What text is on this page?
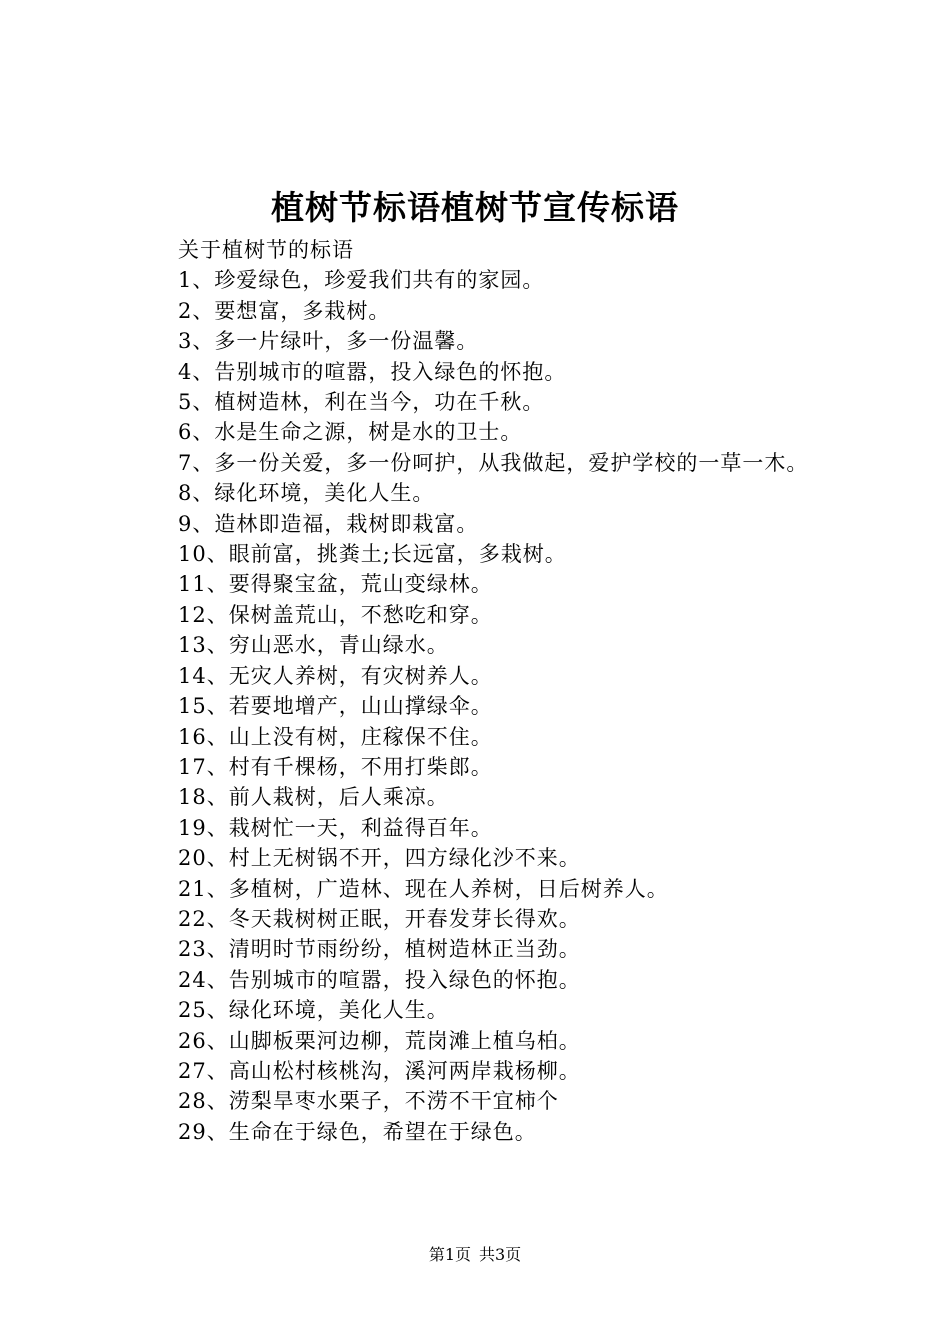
植树节标语植树节宣传标语

关于植树节的标语

1、珍爱绿色，珍爱我们共有的家园。

2、要想富，多栽树。

3、多一片绿叶，多一份温馨。

4、告别城市的喧嚣，投入绿色的怀抱。

5、植树造林，利在当今，功在千秋。

6、水是生命之源，树是水的卫士。

7、多一份关爱，多一份呵护，从我做起，爱护学校的一草一木。

8、绿化环境，美化人生。

9、造林即造福，栽树即栽富。

10、眼前富，挑粪土;长远富，多栽树。

11、要得聚宝盆，荒山变绿林。

12、保树盖荒山，不愁吃和穿。

13、穷山恶水，青山绿水。

14、无灾人养树，有灾树养人。

15、若要地增产，山山撑绿伞。

16、山上没有树，庄稼保不住。

17、村有千棵杨，不用打柴郎。

18、前人栽树，后人乘凉。

19、栽树忙一天，利益得百年。

20、村上无树锅不开，四方绿化沙不来。

21、多植树，广造林、现在人养树，日后树养人。

22、冬天栽树树正眠，开春发芽长得欢。

23、清明时节雨纷纷，植树造林正当劲。

24、告别城市的喧嚣，投入绿色的怀抱。

25、绿化环境，美化人生。

26、山脚板栗河边柳，荒岗滩上植乌柏。

27、高山松村核桃沟，溪河两岸栽杨柳。

28、涝梨旱枣水栗子，不涝不干宜柿个

29、生命在于绿色，希望在于绿色。

第1页 共3页
